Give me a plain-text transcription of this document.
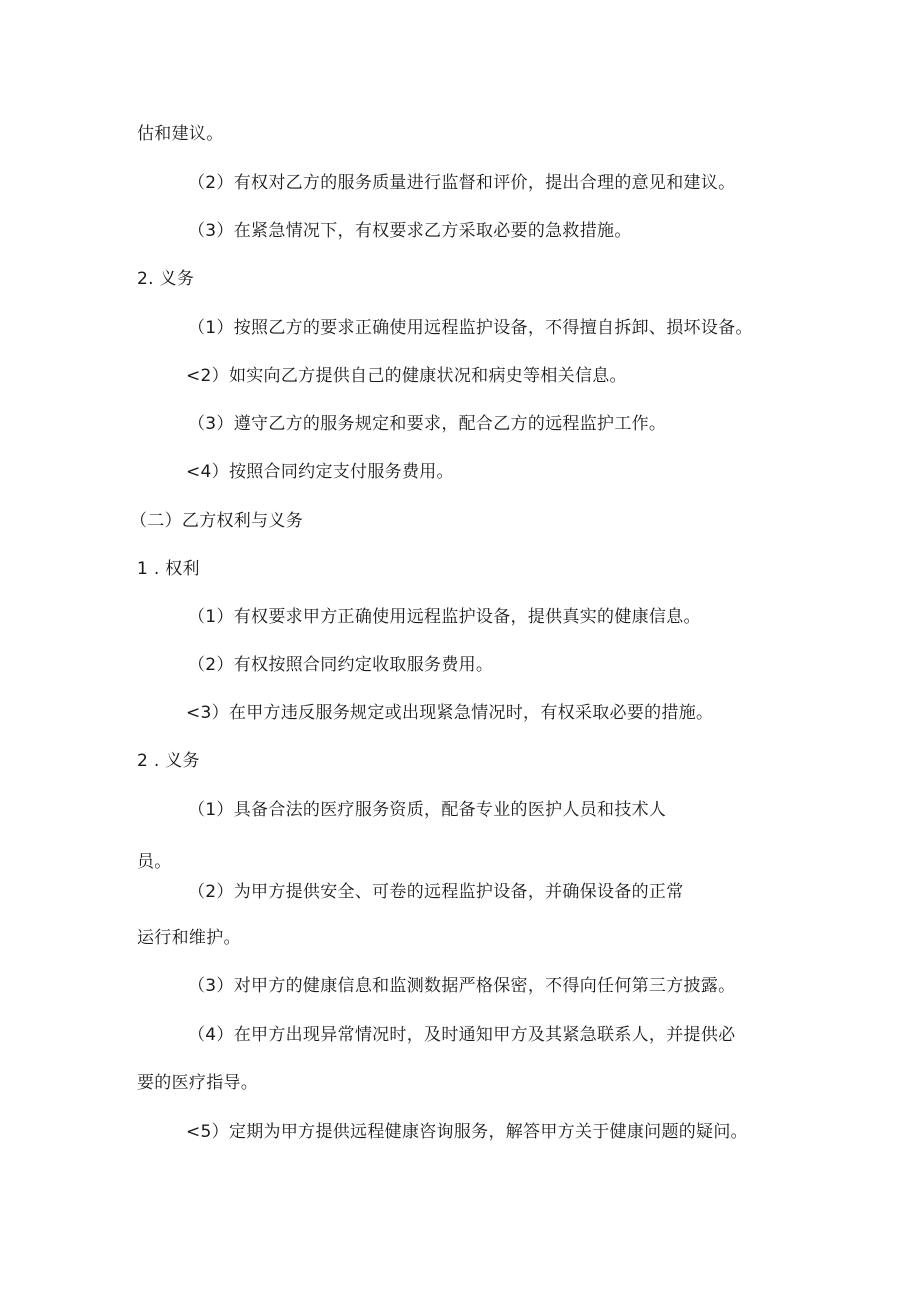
估和建议。
（2）有权对乙方的服务质量进行监督和评价，提出合理的意见和建议。
（3）在紧急情况下，有权要求乙方采取必要的急救措施。
2. 义务
（1）按照乙方的要求正确使用远程监护设备，不得擅自拆卸、损坏设备。
<2）如实向乙方提供自己的健康状况和病史等相关信息。
（3）遵守乙方的服务规定和要求，配合乙方的远程监护工作。
<4）按照合同约定支付服务费用。
（二）乙方权利与义务
1 . 权利
（1）有权要求甲方正确使用远程监护设备，提供真实的健康信息。
（2）有权按照合同约定收取服务费用。
<3）在甲方违反服务规定或出现紧急情况时，有权采取必要的措施。
2 . 义务
（1）具备合法的医疗服务资质，配备专业的医护人员和技术人
员。
（2）为甲方提供安全、可卷的远程监护设备，并确保设备的正常
运行和维护。
（3）对甲方的健康信息和监测数据严格保密，不得向任何第三方披露。
（4）在甲方出现异常情况时，及时通知甲方及其紧急联系人，并提供必
要的医疗指导。
<5）定期为甲方提供远程健康咨询服务，解答甲方关于健康问题的疑问。
